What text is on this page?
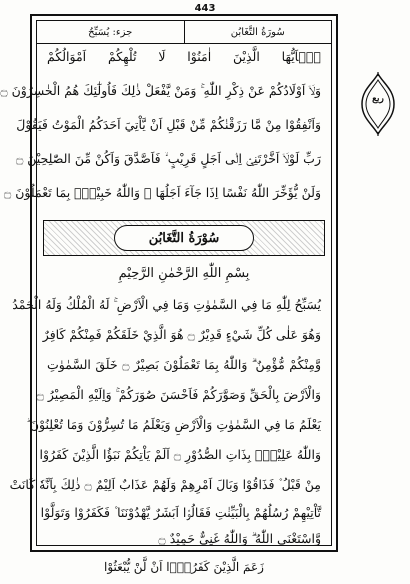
443
سُورَةُ التَّغَابُن
جزء: يُسَبِّحُ
يٰۤاَيُّهَا الَّذِيْنَ اٰمَنُوْا لَا تُلْهِكُمْ اَمْوَالُكُمْ
وَلَاۤ اَوْلَادُكُمْ عَنْ ذِكْرِ اللّٰهِ ۚ وَمَنْ يَّفْعَلْ ذٰلِكَ فَاُولٰٓئِكَ هُمُ الْخٰسِرُوْنَ ۝
وَاَنْفِقُوْا مِنْ مَّا رَزَقْنٰكُمْ مِّنْ قَبْلِ اَنْ يَّاْتِيَ اَحَدَكُمُ الْمَوْتُ فَيَقُوْلَ
رَبِّ لَوْلَاۤ اَخَّرْتَنِيْۤ اِلٰۤى اَجَلٍ قَرِيْبٍ ۙ فَاَصَّدَّقَ وَاَكُنْ مِّنَ الصّٰلِحِيْنَ ۝
وَلَنْ يُّؤَخِّرَ اللّٰهُ نَفْسًا اِذَا جَآءَ اَجَلُهَا ۗ وَاللّٰهُ خَبِيْرٌۢ بِمَا تَعْمَلُوْنَ ۝
سُوْرَةُ التَّغَابُن
بِسْمِ اللّٰهِ الرَّحْمٰنِ الرَّحِيْمِ
يُسَبِّحُ لِلّٰهِ مَا فِي السَّمٰوٰتِ وَمَا فِي الْاَرْضِ ۚ لَهُ الْمُلْكُ وَلَهُ الْحَمْدُ
وَهُوَ عَلٰى كُلِّ شَيْءٍ قَدِيْرٌ ۝ هُوَ الَّذِيْ خَلَقَكُمْ فَمِنْكُمْ كَافِرٌ
وَّمِنْكُمْ مُّؤْمِنٌ ۗ وَاللّٰهُ بِمَا تَعْمَلُوْنَ بَصِيْرٌ ۝ خَلَقَ السَّمٰوٰتِ
وَالْاَرْضَ بِالْحَقِّ وَصَوَّرَكُمْ فَاَحْسَنَ صُوَرَكُمْ ۚ وَاِلَيْهِ الْمَصِيْرُ ۝
يَعْلَمُ مَا فِي السَّمٰوٰتِ وَالْاَرْضِ وَيَعْلَمُ مَا تُسِرُّوْنَ وَمَا تُعْلِنُوْنَ ۗ
وَاللّٰهُ عَلِيْمٌۢ بِذَاتِ الصُّدُوْرِ ۝ اَلَمْ يَاْتِكُمْ نَبَؤُا الَّذِيْنَ كَفَرُوْا
مِنْ قَبْلُ ۫ فَذَاقُوْا وَبَالَ اَمْرِهِمْ وَلَهُمْ عَذَابٌ اَلِيْمٌ ۝ ذٰلِكَ بِاَنَّهٗ كَانَتْ
تَّاْتِيْهِمْ رُسُلُهُمْ بِالْبَيِّنٰتِ فَقَالُوْۤا اَبَشَرٌ يَّهْدُوْنَنَا ۫ فَكَفَرُوْا وَتَوَلَّوْا
وَّاسْتَغْنَى اللّٰهُ ۗ وَاللّٰهُ غَنِيٌّ حَمِيْدٌ ۝
ربع
زَعَمَ الَّذِيْنَ كَفَرُوْۤا اَنْ لَّنْ يُّبْعَثُوْا
